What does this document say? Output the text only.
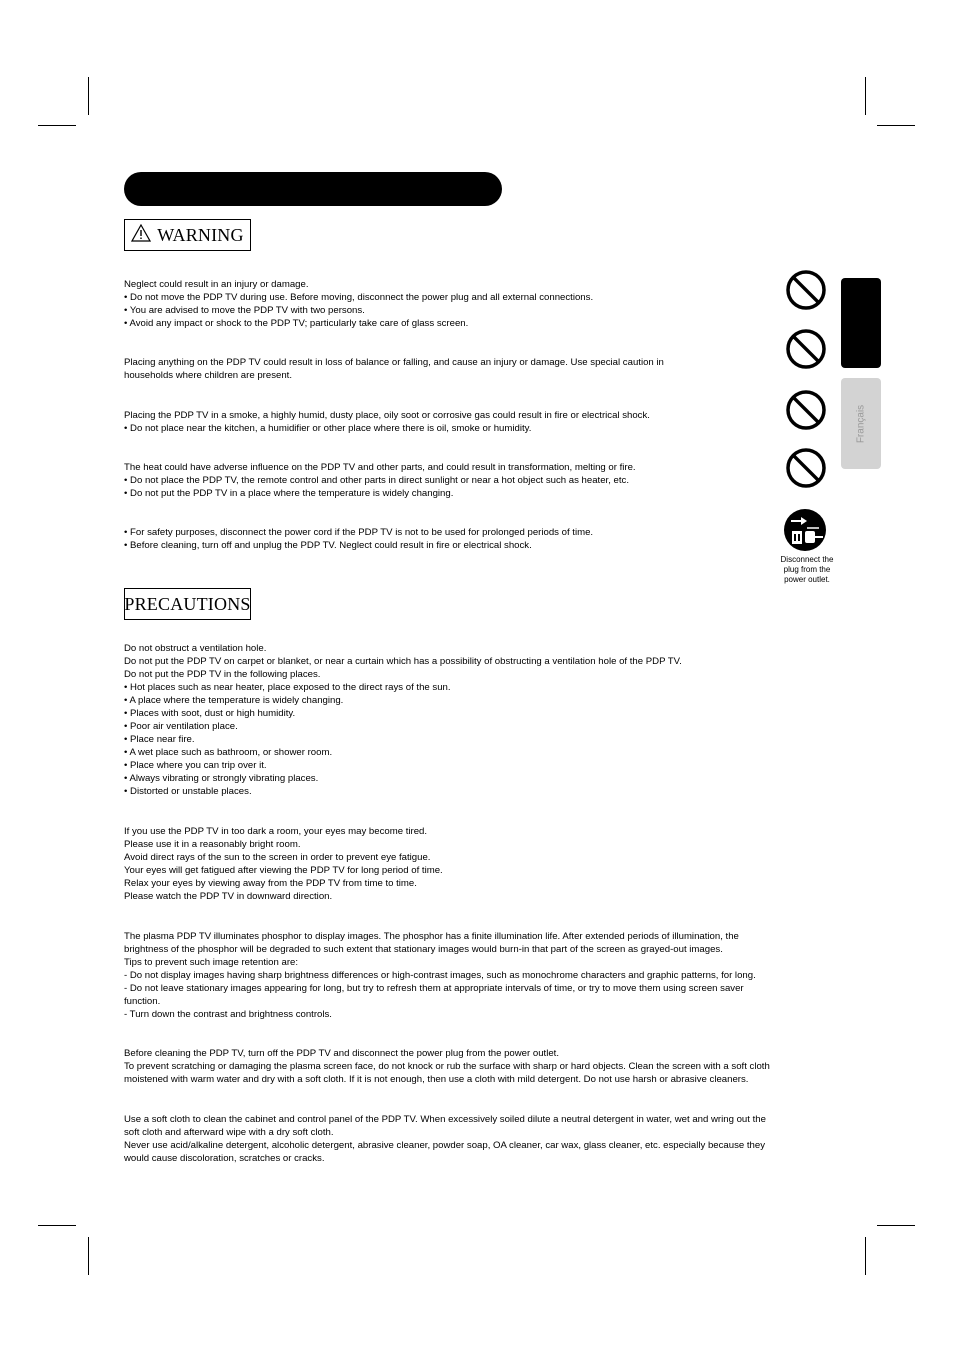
WARNING
Neglect could result in an injury or damage.
• Do not move the PDP TV during use. Before moving, disconnect the power plug and all external connections.
• You are advised to move the PDP TV with two persons.
• Avoid any impact or shock to the PDP TV; particularly take care of glass screen.
Placing anything on the PDP TV could result in loss of balance or falling, and cause an injury or damage. Use special caution in
households where children are present.
Placing the PDP TV in a smoke, a highly humid, dusty place, oily soot or corrosive gas could result in fire or electrical shock.
• Do not place near the kitchen, a humidifier or other place where there is oil, smoke or humidity.
The heat could have adverse influence on the PDP TV and other parts, and could result in transformation, melting or fire.
• Do not place the PDP TV, the remote control and other parts in direct sunlight or near a hot object such as heater, etc.
• Do not put the PDP TV in a place where the temperature is widely changing.
• For safety purposes, disconnect the power cord if the PDP TV is not to be used for prolonged periods of time.
• Before cleaning, turn off and unplug the PDP TV. Neglect could result in fire or electrical shock.
Disconnect the plug from the power outlet.
Français
PRECAUTIONS
Do not obstruct a ventilation hole.
Do not put the PDP TV on carpet or blanket, or near a curtain which has a possibility of obstructing a ventilation hole of the PDP TV.
Do not put the PDP TV in the following places.
• Hot places such as near heater, place exposed to the direct rays of the sun.
• A place where the temperature is widely changing.
• Places with soot, dust or high humidity.
• Poor air ventilation place.
• Place near fire.
• A wet place such as bathroom, or shower room.
• Place where you can trip over it.
• Always vibrating or strongly vibrating places.
• Distorted or unstable places.
If you use the PDP TV in too dark a room, your eyes may become tired.
Please use it in a reasonably bright room.
Avoid direct rays of the sun to the screen in order to prevent eye fatigue.
Your eyes will get fatigued after viewing the PDP TV for long period of time.
Relax your eyes by viewing away from the PDP TV from time to time.
Please watch the PDP TV in downward direction.
The plasma PDP TV illuminates phosphor to display images. The phosphor has a finite illumination life. After extended periods of illumination, the
brightness of the phosphor will be degraded to such extent that stationary images would burn-in that part of the screen as grayed-out images.
Tips to prevent such image retention are:
- Do not display images having sharp brightness differences or high-contrast images, such as monochrome characters and graphic patterns, for long.
- Do not leave stationary images appearing for long, but try to refresh them at appropriate intervals of time, or try to move them using screen saver
function.
- Turn down the contrast and brightness controls.
Before cleaning the PDP TV, turn off the PDP TV and disconnect the power plug from the power outlet.
To prevent scratching or damaging the plasma screen face, do not knock or rub the surface with sharp or hard objects. Clean the screen with a soft cloth
moistened with warm water and dry with a soft cloth. If it is not enough, then use a cloth with mild detergent. Do not use harsh or abrasive cleaners.
Use a soft cloth to clean the cabinet and control panel of the PDP TV. When excessively soiled dilute a neutral detergent in water, wet and wring out the
soft cloth and afterward wipe with a dry soft cloth.
Never use acid/alkaline detergent, alcoholic detergent, abrasive cleaner, powder soap, OA cleaner, car wax, glass cleaner, etc. especially because they
would cause discoloration, scratches or cracks.
